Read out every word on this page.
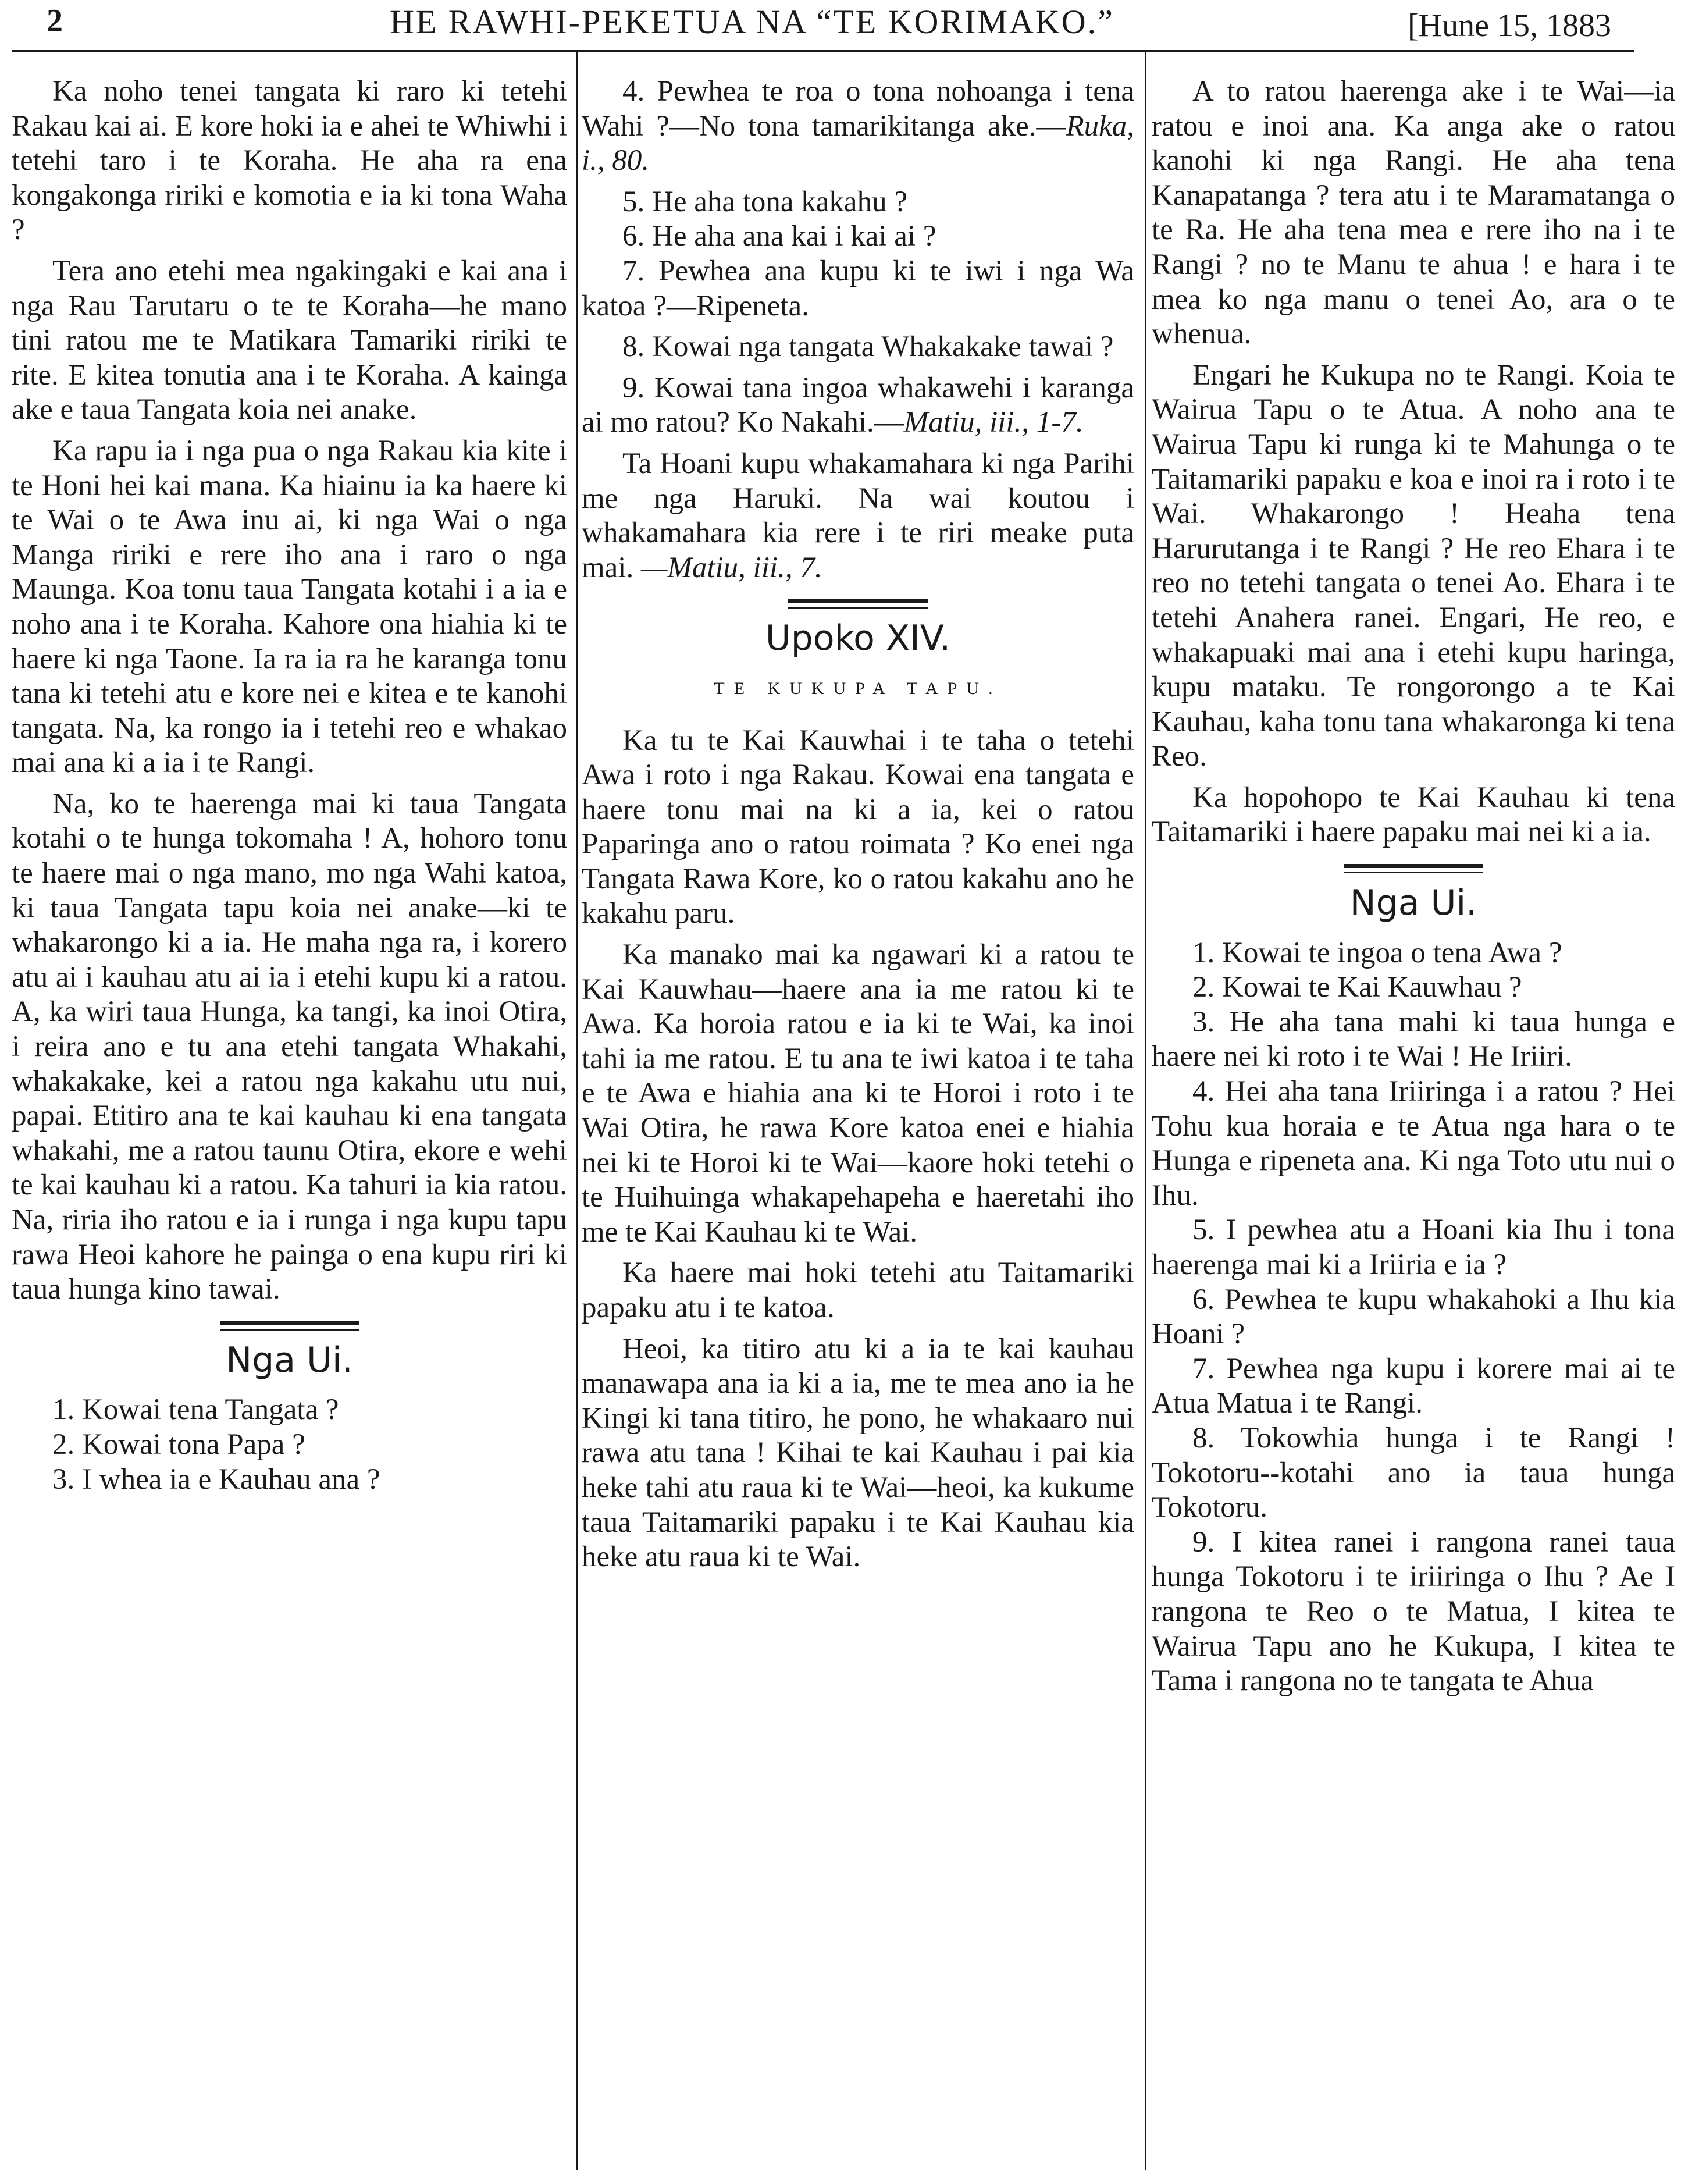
2	HE RAWHI-PEKETUA NA “TE KORIMAKO.”	[Hune 15, 1883

Ka noho tenei tangata ki raro ki tetehi Rakau kai ai. E kore hoki ia e ahei te Whiwhi i tetehi taro i te Koraha. He aha ra ena kongakonga ririki e komotia e ia ki tona Waha ?

Tera ano etehi mea ngakingaki e kai ana i nga Rau Tarutaru o te te Koraha—he mano tini ratou me te Matikara Tamariki ririki te rite. E kitea tonutia ana i te Koraha. A kainga ake e taua Tangata koia nei anake.

Ka rapu ia i nga pua o nga Rakau kia kite i te Honi hei kai mana. Ka hiainu ia ka haere ki te Wai o te Awa inu ai, ki nga Wai o nga Manga ririki e rere iho ana i raro o nga Maunga. Koa tonu taua Tangata kotahi i a ia e noho ana i te Koraha. Kahore ona hiahia ki te haere ki nga Taone. Ia ra ia ra he karanga tonu tana ki tetehi atu e kore nei e kitea e te kanohi tangata. Na, ka rongo ia i tetehi reo e whakao mai ana ki a ia i te Rangi.

Na, ko te haerenga mai ki taua Tangata kotahi o te hunga tokomaha ! A, hohoro tonu te haere mai o nga mano, mo nga Wahi katoa, ki taua Tangata tapu koia nei anake—ki te whakarongo ki a ia. He maha nga ra, i korero atu ai i kauhau atu ai ia i etehi kupu ki a ratou. A, ka wiri taua Hunga, ka tangi, ka inoi Otira, i reira ano e tu ana etehi tangata Whakahi, whakakake, kei a ratou nga kakahu utu nui, papai. Etitiro ana te kai kauhau ki ena tangata whakahi, me a ratou taunu Otira, ekore e wehi te kai kauhau ki a ratou. Ka tahuri ia kia ratou. Na, riria iho ratou e ia i runga i nga kupu tapu rawa Heoi kahore he painga o ena kupu riri ki taua hunga kino tawai.

Nga Ui.
1. Kowai tena Tangata ?
2. Kowai tona Papa ?
3. I whea ia e Kauhau ana ?

4. Pewhea te roa o tona nohoanga i tena Wahi ?—No tona tamarikitanga ake.—Ruka, i., 80.

5. He aha tona kakahu ?

6. He aha ana kai i kai ai ?

7. Pewhea ana kupu ki te iwi i nga Wa katoa ?—Ripeneta.

8. Kowai nga tangata Whakakake tawai ?

9. Kowai tana ingoa whakawehi i karanga ai mo ratou? Ko Nakahi.—Matiu, iii., 1-7.

Ta Hoani kupu whakamahara ki nga Parihi me nga Haruki. Na wai koutou i whakamahara kia rere i te riri meake puta mai. —Matiu, iii., 7.

Upoko XIV.
TE KUKUPA TAPU.

Ka tu te Kai Kauwhai i te taha o tetehi Awa i roto i nga Rakau. Kowai ena tangata e haere tonu mai na ki a ia, kei o ratou Paparinga ano o ratou roimata ? Ko enei nga Tangata Rawa Kore, ko o ratou kakahu ano he kakahu paru.

Ka manako mai ka ngawari ki a ratou te Kai Kauwhau—haere ana ia me ratou ki te Awa. Ka horoia ratou e ia ki te Wai, ka inoi tahi ia me ratou. E tu ana te iwi katoa i te taha e te Awa e hiahia ana ki te Horoi i roto i te Wai Otira, he rawa Kore katoa enei e hiahia nei ki te Horoi ki te Wai—kaore hoki tetehi o te Huihuinga whakapehapeha e haeretahi iho me te Kai Kauhau ki te Wai.

Ka haere mai hoki tetehi atu Taitamariki papaku atu i te katoa.

Heoi, ka titiro atu ki a ia te kai kauhau manawapa ana ia ki a ia, me te mea ano ia he Kingi ki tana titiro, he pono, he whakaaro nui rawa atu tana ! Kihai te kai Kauhau i pai kia heke tahi atu raua ki te Wai—heoi, ka kukume taua Taitamariki papaku i te Kai Kauhau kia heke atu raua ki te Wai.

A to ratou haerenga ake i te Wai—ia ratou e inoi ana. Ka anga ake o ratou kanohi ki nga Rangi. He aha tena Kanapatanga ? tera atu i te Maramatanga o te Ra. He aha tena mea e rere iho na i te Rangi ? no te Manu te ahua ! e hara i te mea ko nga manu o tenei Ao, ara o te whenua.

Engari he Kukupa no te Rangi. Koia te Wairua Tapu o te Atua. A noho ana te Wairua Tapu ki runga ki te Mahunga o te Taitamariki papaku e koa e inoi ra i roto i te Wai. Whakarongo ! Heaha tena Harurutanga i te Rangi ? He reo Ehara i te reo no tetehi tangata o tenei Ao. Ehara i te tetehi Anahera ranei. Engari, He reo, e whakapuaki mai ana i etehi kupu haringa, kupu mataku. Te rongorongo a te Kai Kauhau, kaha tonu tana whakaronga ki tena Reo.

Ka hopohopo te Kai Kauhau ki tena Taitamariki i haere papaku mai nei ki a ia.

Nga Ui.
1. Kowai te ingoa o tena Awa ?
2. Kowai te Kai Kauwhau ?
3. He aha tana mahi ki taua hunga e haere nei ki roto i te Wai ! He Iriiri.
4. Hei aha tana Iriiringa i a ratou ? Hei Tohu kua horaia e te Atua nga hara o te Hunga e ripeneta ana. Ki nga Toto utu nui o Ihu.
5. I pewhea atu a Hoani kia Ihu i tona haerenga mai ki a Iriiria e ia ?
6. Pewhea te kupu whakahoki a Ihu kia Hoani ?
7. Pewhea nga kupu i korere mai ai te Atua Matua i te Rangi.
8. Tokowhia hunga i te Rangi ! Tokotoru--kotahi ano ia taua hunga Tokotoru.
9. I kitea ranei i rangona ranei taua hunga Tokotoru i te iriiringa o Ihu ? Ae I rangona te Reo o te Matua, I kitea te Wairua Tapu ano he Kukupa, I kitea te Tama i rangona no te tangata te Ahua
